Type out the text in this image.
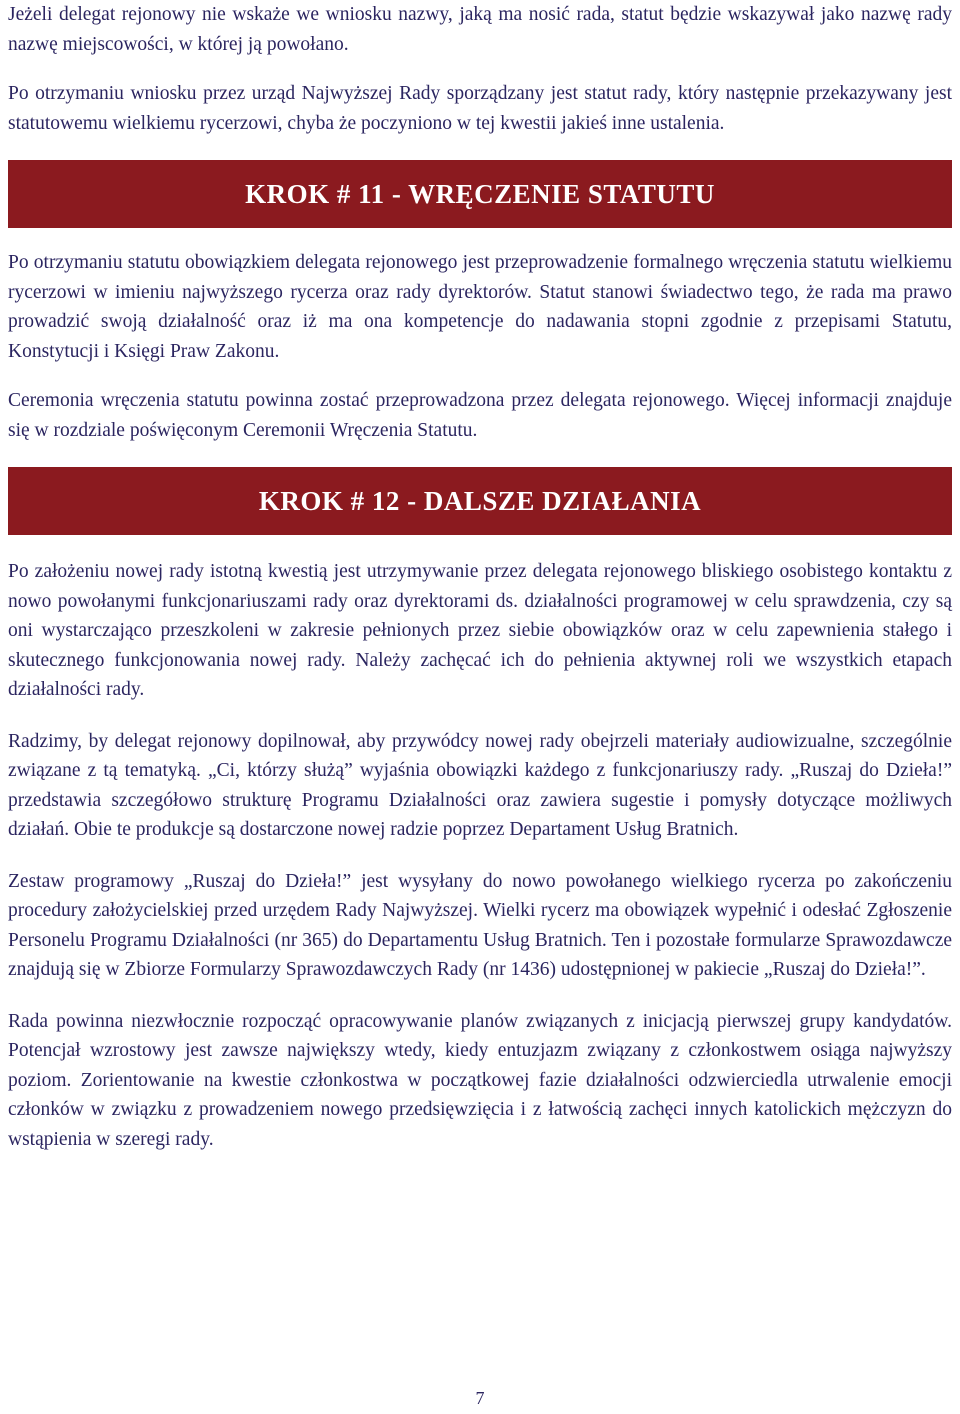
Jeżeli delegat rejonowy nie wskaże we wniosku nazwy, jaką ma nosić rada, statut będzie wskazywał jako nazwę rady nazwę miejscowości, w której ją powołano.

Po otrzymaniu wniosku przez urząd Najwyższej Rady sporządzany jest statut rady, który następnie przekazywany jest statutowemu wielkiemu rycerzowi, chyba że poczyniono w tej kwestii jakieś inne ustalenia.

KROK # 11 - WRĘCZENIE STATUTU

Po otrzymaniu statutu obowiązkiem delegata rejonowego jest przeprowadzenie formalnego wręczenia statutu wielkiemu rycerzowi w imieniu najwyższego rycerza oraz rady dyrektorów. Statut stanowi świadectwo tego, że rada ma prawo prowadzić swoją działalność oraz iż ma ona kompetencje do nadawania stopni zgodnie z przepisami Statutu, Konstytucji i Księgi Praw Zakonu.

Ceremonia wręczenia statutu powinna zostać przeprowadzona przez delegata rejonowego. Więcej informacji znajduje się w rozdziale poświęconym Ceremonii Wręczenia Statutu.

KROK # 12 - DALSZE DZIAŁANIA

Po założeniu nowej rady istotną kwestią jest utrzymywanie przez delegata rejonowego bliskiego osobistego kontaktu z nowo powołanymi funkcjonariuszami rady oraz dyrektorami ds. działalności programowej w celu sprawdzenia, czy są oni wystarczająco przeszkoleni w zakresie pełnionych przez siebie obowiązków oraz w celu zapewnienia stałego i skutecznego funkcjonowania nowej rady. Należy zachęcać ich do pełnienia aktywnej roli we wszystkich etapach działalności rady.

Radzimy, by delegat rejonowy dopilnował, aby przywódcy nowej rady obejrzeli materiały audiowizualne, szczególnie związane z tą tematyką. „Ci, którzy służą” wyjaśnia obowiązki każdego z funkcjonariuszy rady. „Ruszaj do Dzieła!” przedstawia szczegółowo strukturę Programu Działalności oraz zawiera sugestie i pomysły dotyczące możliwych działań. Obie te produkcje są dostarczone nowej radzie poprzez Departament Usług Bratnich.

Zestaw programowy „Ruszaj do Dzieła!” jest wysyłany do nowo powołanego wielkiego rycerza po zakończeniu procedury założycielskiej przed urzędem Rady Najwyższej. Wielki rycerz ma obowiązek wypełnić i odesłać Zgłoszenie Personelu Programu Działalności (nr 365) do Departamentu Usług Bratnich. Ten i pozostałe formularze Sprawozdawcze znajdują się w Zbiorze Formularzy Sprawozdawczych Rady (nr 1436) udostępnionej w pakiecie „Ruszaj do Dzieła!”.

Rada powinna niezwłocznie rozpocząć opracowywanie planów związanych z inicjacją pierwszej grupy kandydatów. Potencjał wzrostowy jest zawsze największy wtedy, kiedy entuzjazm związany z członkostwem osiąga najwyższy poziom. Zorientowanie na kwestie członkostwa w początkowej fazie działalności odzwierciedla utrwalenie emocji członków w związku z prowadzeniem nowego przedsięwzięcia i z łatwością zachęci innych katolickich mężczyzn do wstąpienia w szeregi rady.

7
